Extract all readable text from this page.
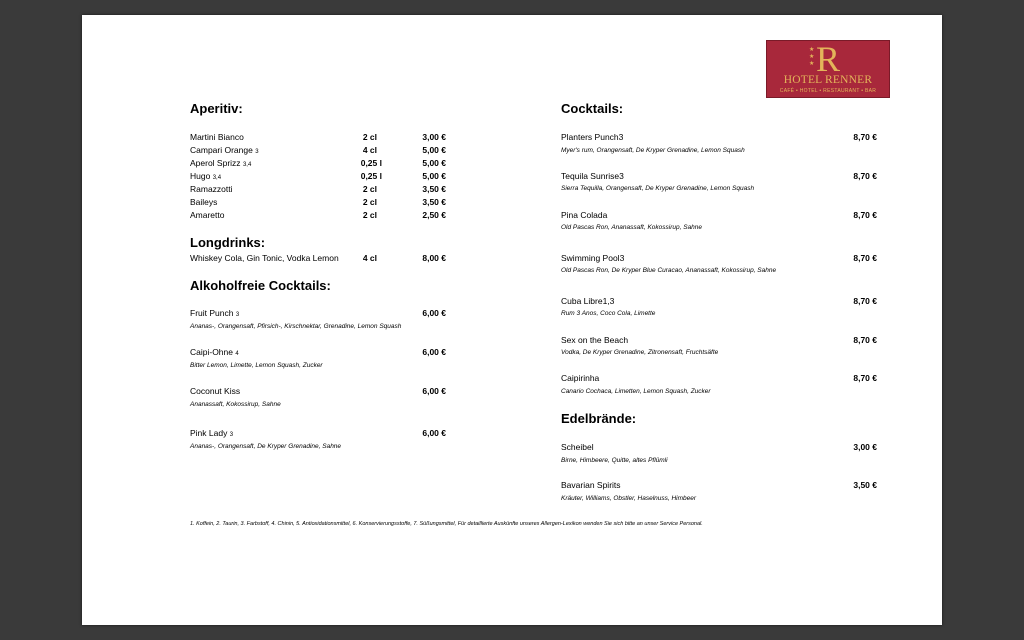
★
★
★ R
HOTEL RENNER
CAFÉ • HOTEL • RESTAURANT • BAR
Aperitiv:
Martini Bianco	2 cl	3,00 €
Campari Orange 3	4 cl	5,00 €
Aperol Sprizz 3,4	0,25 l	5,00 €
Hugo 3,4	0,25 l	5,00 €
Ramazzotti	2 cl	3,50 €
Baileys	2 cl	3,50 €
Amaretto	2 cl	2,50 €
Longdrinks:
Whiskey Cola, Gin Tonic, Vodka Lemon	4 cl	8,00 €
Alkoholfreie Cocktails:
Fruit Punch 3	6,00 €
Ananas-, Orangensaft, Pfirsich-, Kirschnektar, Grenadine, Lemon Squash
Caipi-Ohne 4	6,00 €
Bitter Lemon, Limette, Lemon Squash, Zucker
Coconut Kiss	6,00 €
Ananassaft, Kokossirup, Sahne
Pink Lady 3	6,00 €
Ananas-, Orangensaft, De Kryper Grenadine, Sahne
Cocktails:
Planters Punch3	8,70 €
Myer's rum, Orangensaft, De Kryper Grenadine, Lemon Squash
Tequila Sunrise3	8,70 €
Sierra Tequilla, Orangensaft, De Kryper Grenadine, Lemon Squash
Pina Colada	8,70 €
Old Pascas Ron, Ananassaft, Kokossirup, Sahne
Swimming Pool3	8,70 €
Old Pascas Ron, De Kryper Blue Curacao, Ananassaft, Kokossirup, Sahne
Cuba Libre1,3	8,70 €
Rum 3 Anos, Coco Cola, Limette
Sex on the Beach	8,70 €
Vodka, De Kryper Grenadine, Zitronensaft, Fruchtsäfte
Caipirinha	8,70 €
Canario Cochaca, Limetten, Lemon Squash, Zucker
Edelbrände:
Scheibel	3,00 €
Birne, Himbeere, Quitte, altes Pflümli
Bavarian Spirits	3,50 €
Kräuter, Williams, Obstler, Haselnuss, Himbeer
1. Koffein, 2. Taurin, 3. Farbstoff, 4. Chinin, 5. Antioxidationsmittel, 6. Konservierungsstoffe, 7. Süßungsmittel, Für detaillierte Auskünfte unseres Allergen-Lexikon wenden Sie sich bitte an unser Service Personal.
